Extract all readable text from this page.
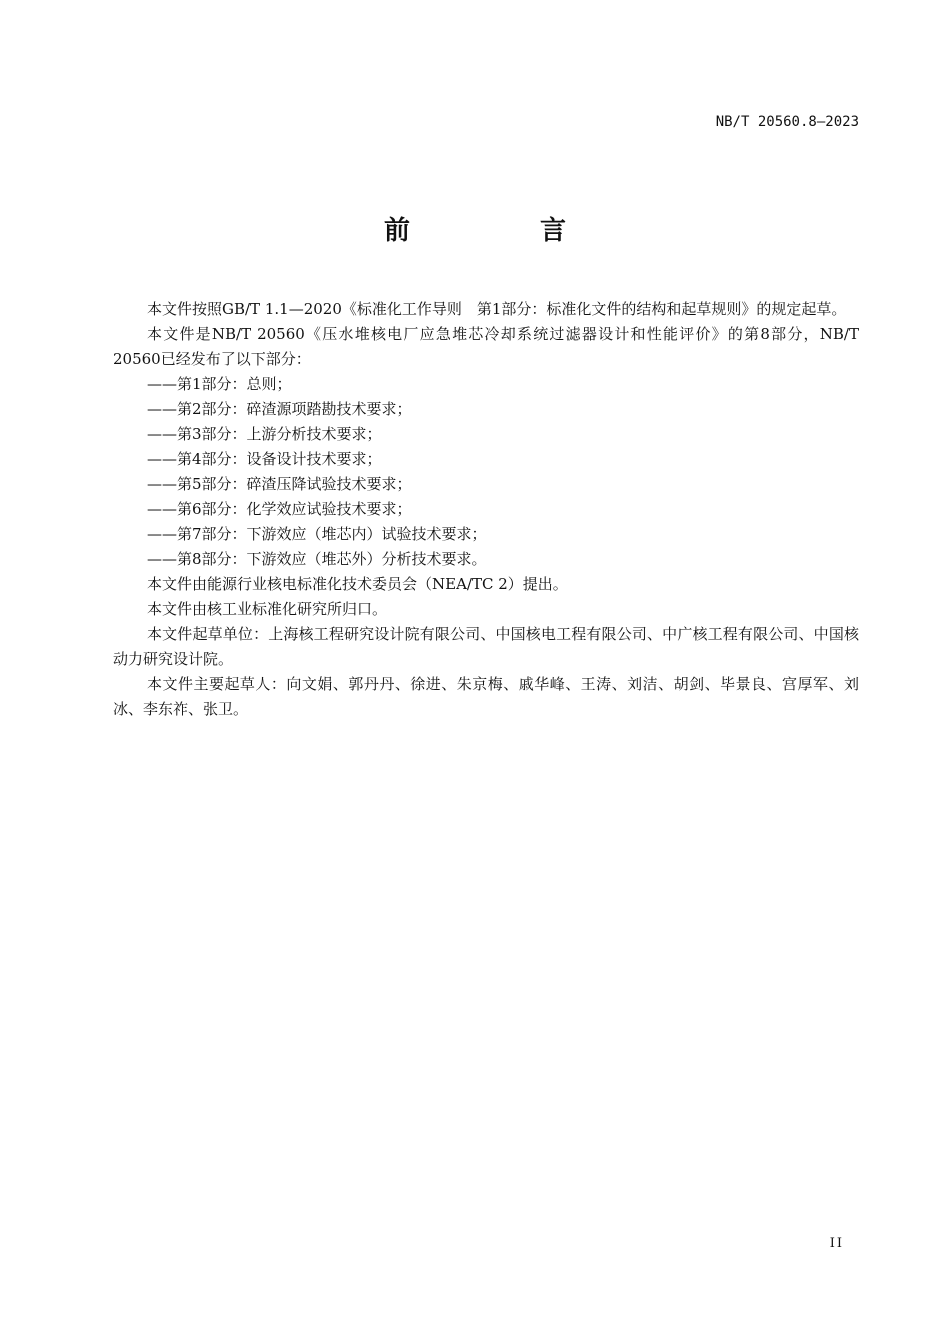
NB/T 20560.8—2023
前　言

本文件按照GB/T 1.1—2020《标准化工作导则　第1部分：标准化文件的结构和起草规则》的规定起草。

本文件是NB/T 20560《压水堆核电厂应急堆芯冷却系统过滤器设计和性能评价》的第8部分，NB/T 20560已经发布了以下部分：

——第1部分：总则；

——第2部分：碎渣源项踏勘技术要求；

——第3部分：上游分析技术要求；

——第4部分：设备设计技术要求；

——第5部分：碎渣压降试验技术要求；

——第6部分：化学效应试验技术要求；

——第7部分：下游效应（堆芯内）试验技术要求；

——第8部分：下游效应（堆芯外）分析技术要求。

本文件由能源行业核电标准化技术委员会（NEA/TC 2）提出。

本文件由核工业标准化研究所归口。

本文件起草单位：上海核工程研究设计院有限公司、中国核电工程有限公司、中广核工程有限公司、中国核动力研究设计院。

本文件主要起草人：向文娟、郭丹丹、徐进、朱京梅、戚华峰、王涛、刘洁、胡剑、毕景良、宫厚军、刘冰、李东祚、张卫。

II
